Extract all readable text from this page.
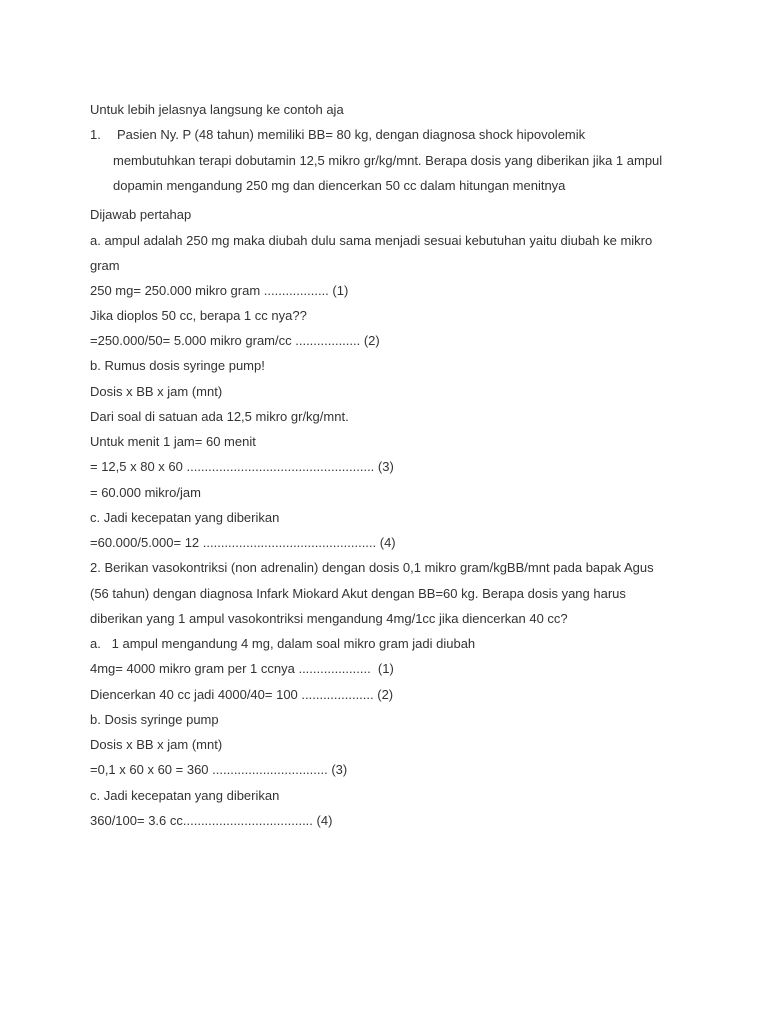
Untuk lebih jelasnya langsung ke contoh aja
1. Pasien Ny. P (48 tahun) memiliki BB= 80 kg, dengan diagnosa shock hipovolemik
membutuhkan terapi dobutamin 12,5 mikro gr/kg/mnt. Berapa dosis yang diberikan jika 1 ampul
dopamin mengandung 250 mg dan diencerkan 50 cc dalam hitungan menitnya
Dijawab pertahap
a. ampul adalah 250 mg maka diubah dulu sama menjadi sesuai kebutuhan yaitu diubah ke mikro
gram
250 mg= 250.000 mikro gram .................. (1)
Jika dioplos 50 cc, berapa 1 cc nya??
=250.000/50= 5.000 mikro gram/cc .................. (2)
b. Rumus dosis syringe pump!
Dosis x BB x jam (mnt)
Dari soal di satuan ada 12,5 mikro gr/kg/mnt.
Untuk menit 1 jam= 60 menit
= 12,5 x 80 x 60 .................................................... (3)
= 60.000 mikro/jam
c. Jadi kecepatan yang diberikan
=60.000/5.000= 12 ................................................ (4)
2. Berikan vasokontriksi (non adrenalin) dengan dosis 0,1 mikro gram/kgBB/mnt pada bapak Agus
(56 tahun) dengan diagnosa Infark Miokard Akut dengan BB=60 kg. Berapa dosis yang harus
diberikan yang 1 ampul vasokontriksi mengandung 4mg/1cc jika diencerkan 40 cc?
a.   1 ampul mengandung 4 mg, dalam soal mikro gram jadi diubah
4mg= 4000 mikro gram per 1 ccnya ....................  (1)
Diencerkan 40 cc jadi 4000/40= 100 .................... (2)
b. Dosis syringe pump
Dosis x BB x jam (mnt)
=0,1 x 60 x 60 = 360 ................................ (3)
c. Jadi kecepatan yang diberikan
360/100= 3.6 cc.................................... (4)
